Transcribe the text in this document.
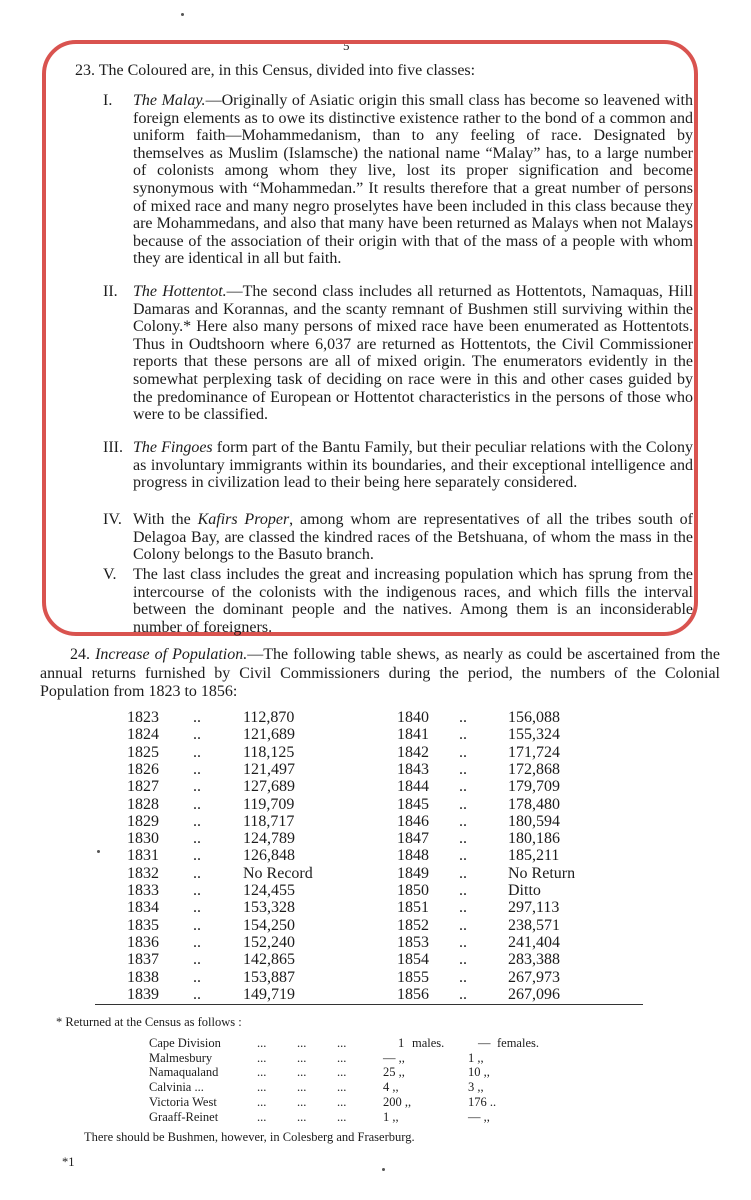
5
23. The Coloured are, in this Census, divided into five classes:
I. The Malay.—Originally of Asiatic origin this small class has become so leavened with foreign elements as to owe its distinctive existence rather to the bond of a common and uniform faith—Mohammedanism, than to any feeling of race. Designated by themselves as Muslim (Islamsche) the national name “Malay” has, to a large number of colonists among whom they live, lost its proper signification and become synonymous with “Mohammedan.” It results therefore that a great number of persons of mixed race and many negro proselytes have been included in this class because they are Mohammedans, and also that many have been returned as Malays when not Malays because of the association of their origin with that of the mass of a people with whom they are identical in all but faith.
II. The Hottentot.—The second class includes all returned as Hottentots, Namaquas, Hill Damaras and Korannas, and the scanty remnant of Bushmen still surviving within the Colony.* Here also many persons of mixed race have been enumerated as Hottentots. Thus in Oudtshoorn where 6,037 are returned as Hottentots, the Civil Commissioner reports that these persons are all of mixed origin. The enumerators evidently in the somewhat perplexing task of deciding on race were in this and other cases guided by the predominance of European or Hottentot characteristics in the persons of those who were to be classified.
III. The Fingoes form part of the Bantu Family, but their peculiar relations with the Colony as involuntary immigrants within its boundaries, and their exceptional intelligence and progress in civilization lead to their being here separately considered.
IV. With the Kafirs Proper, among whom are representatives of all the tribes south of Delagoa Bay, are classed the kindred races of the Betshuana, of whom the mass in the Colony belongs to the Basuto branch.
V. The last class includes the great and increasing population which has sprung from the intercourse of the colonists with the indigenous races, and which fills the interval between the dominant people and the natives. Among them is an inconsiderable number of foreigners.
24. Increase of Population.—The following table shews, as nearly as could be ascertained from the annual returns furnished by Civil Commissioners during the period, the numbers of the Colonial Population from 1823 to 1856:
1823 ..	112,870
1824 ..	121,689
1825 ..	118,125
1826 ..	121,497
1827 ..	127,689
1828 ..	119,709
1829 ..	118,717
1830 ..	124,789
1831 ..	126,848
1832 ..	No Record
1833 ..	124,455
1834 ..	153,328
1835 ..	154,250
1836 ..	152,240
1837 ..	142,865
1838 ..	153,887
1839 ..	149,719
1840 ..	156,088
1841 ..	155,324
1842 ..	171,724
1843 ..	172,868
1844 ..	179,709
1845 ..	178,480
1846 ..	180,594
1847 ..	180,186
1848 ..	185,211
1849 ..	No Return
1850 ..	Ditto
1851 ..	297,113
1852 ..	238,571
1853 ..	241,404
1854 ..	283,388
1855 ..	267,973
1856 ..	267,096
* Returned at the Census as follows :
Cape Division	... ... ...	1 males.	— females.
Malmesbury	... ... ...	— ,,	1 ,,
Namaqualand	... ... ...	25 ,,	10 ,,
Calvinia ...	... ... ...	4 ,,	3 ,,
Victoria West	... ... ...	200 ,,	176 ..
Graaff-Reinet	... ... ...	1 ,,	— ,,
There should be Bushmen, however, in Colesberg and Fraserburg.
*1
